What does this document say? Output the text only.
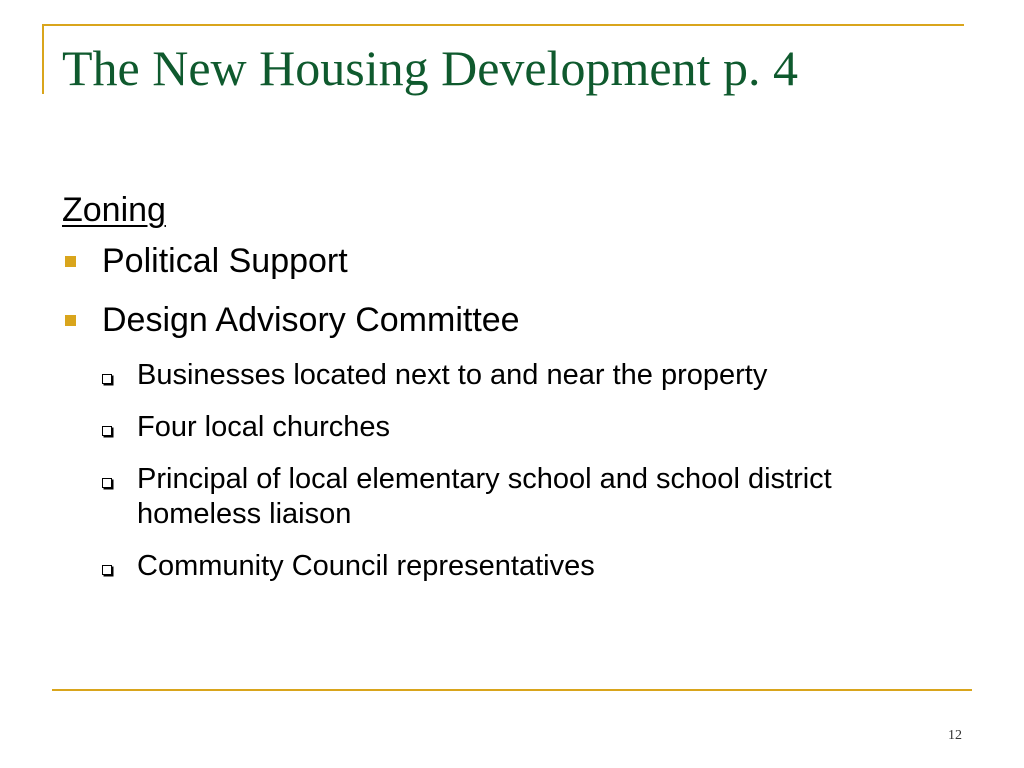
The New Housing Development p. 4
Zoning
Political Support
Design Advisory Committee
Businesses located next to and near the property
Four local churches
Principal of local elementary school and school district homeless liaison
Community Council representatives
12
